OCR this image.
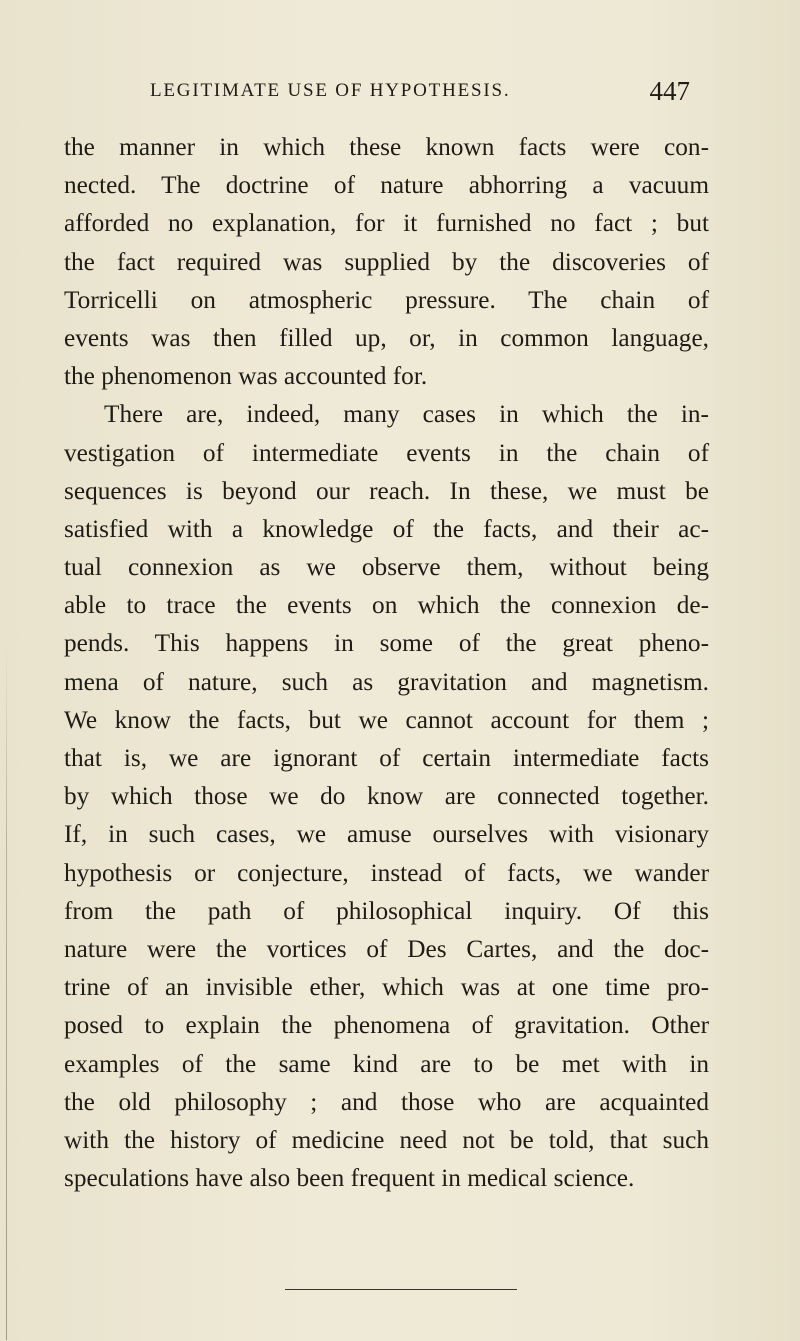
LEGITIMATE USE OF HYPOTHESIS.	447
the manner in which these known facts were con-
nected. The doctrine of nature abhorring a vacuum
afforded no explanation, for it furnished no fact ; but
the fact required was supplied by the discoveries of
Torricelli on atmospheric pressure. The chain of
events was then filled up, or, in common language,
the phenomenon was accounted for.
There are, indeed, many cases in which the in-
vestigation of intermediate events in the chain of
sequences is beyond our reach. In these, we must be
satisfied with a knowledge of the facts, and their ac-
tual connexion as we observe them, without being
able to trace the events on which the connexion de-
pends. This happens in some of the great pheno-
mena of nature, such as gravitation and magnetism.
We know the facts, but we cannot account for them ;
that is, we are ignorant of certain intermediate facts
by which those we do know are connected together.
If, in such cases, we amuse ourselves with visionary
hypothesis or conjecture, instead of facts, we wander
from the path of philosophical inquiry. Of this
nature were the vortices of Des Cartes, and the doc-
trine of an invisible ether, which was at one time pro-
posed to explain the phenomena of gravitation. Other
examples of the same kind are to be met with in
the old philosophy ; and those who are acquainted
with the history of medicine need not be told, that such
speculations have also been frequent in medical science.
